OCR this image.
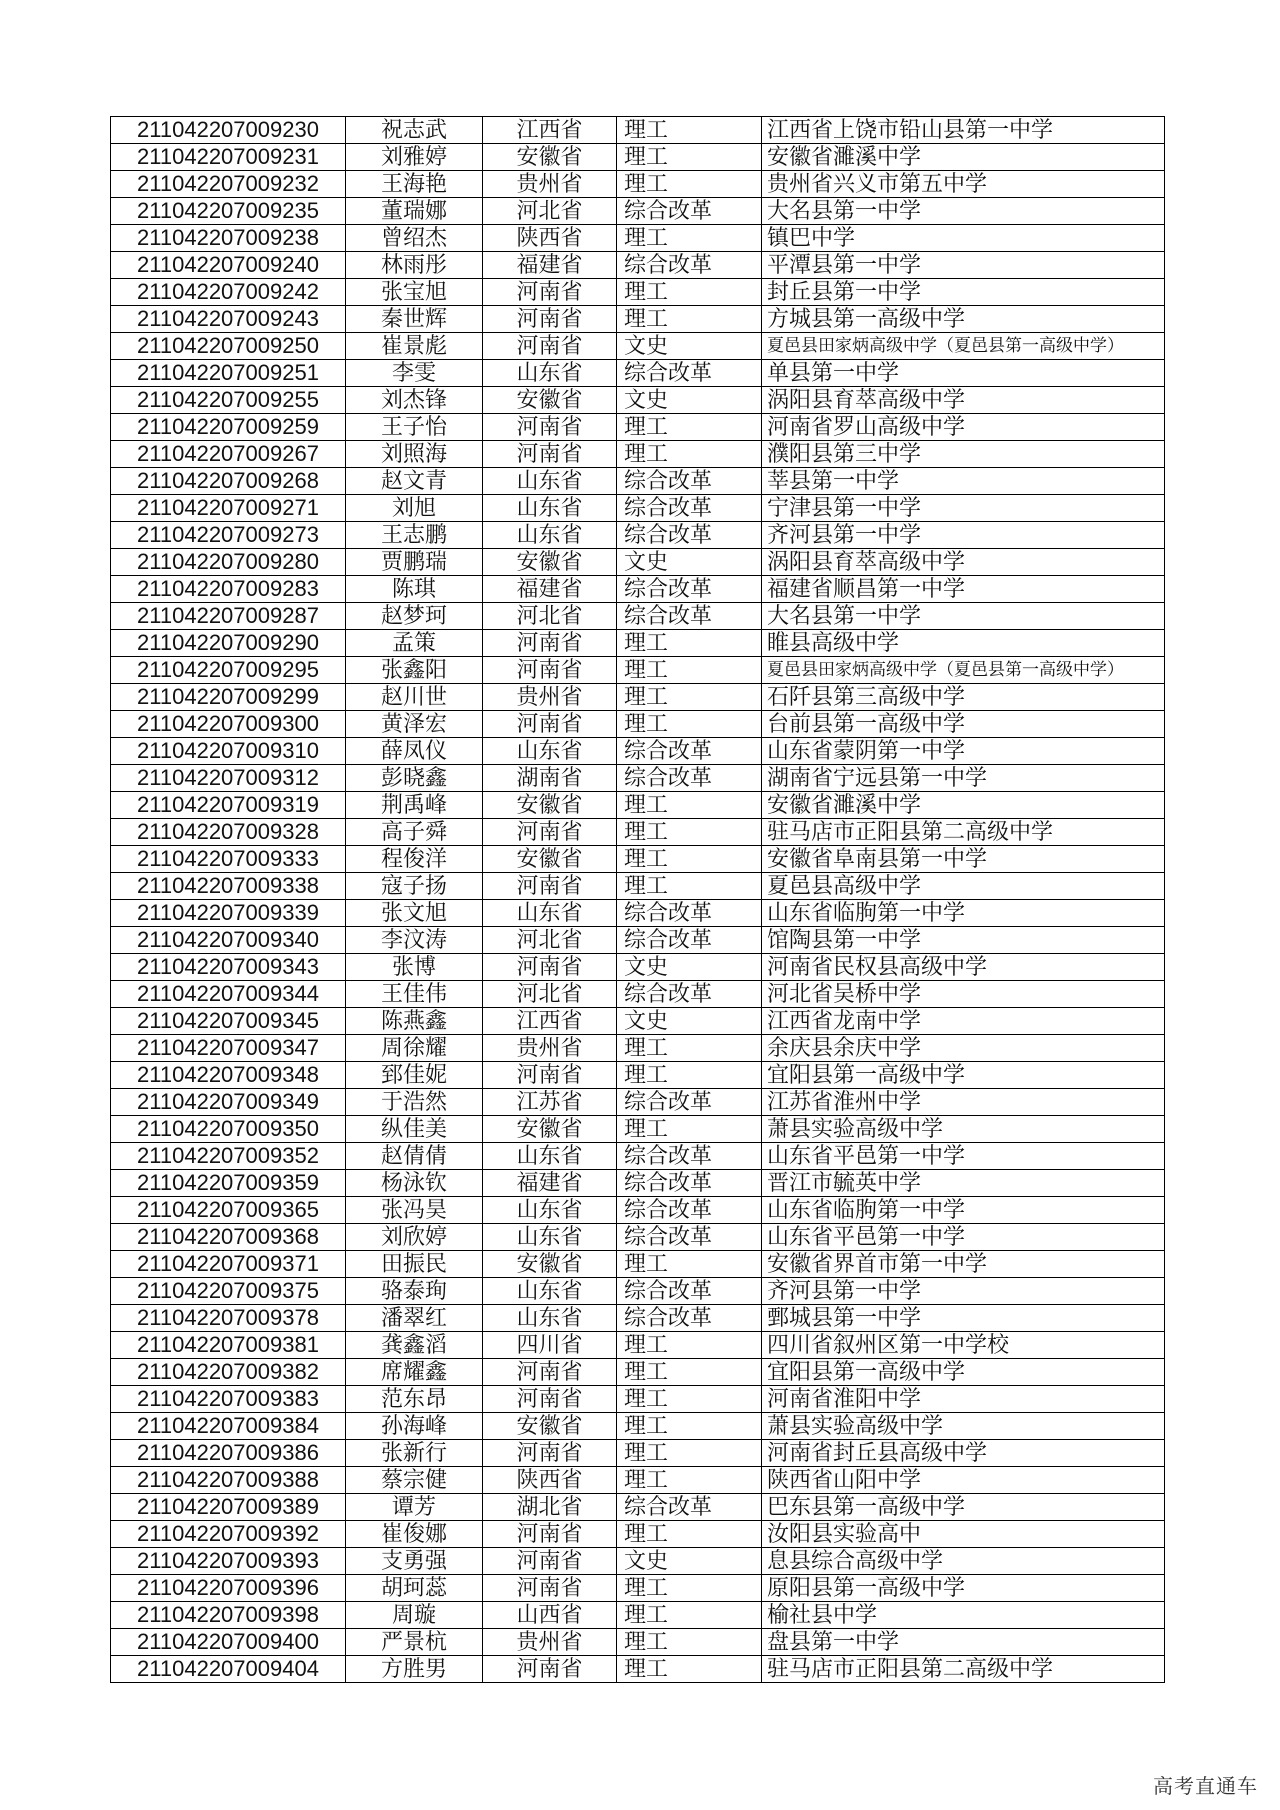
211042207009230	祝志武	江西省	理工	江西省上饶市铅山县第一中学
211042207009231	刘雅婷	安徽省	理工	安徽省濉溪中学
211042207009232	王海艳	贵州省	理工	贵州省兴义市第五中学
211042207009235	董瑞娜	河北省	综合改革	大名县第一中学
211042207009238	曾绍杰	陕西省	理工	镇巴中学
211042207009240	林雨彤	福建省	综合改革	平潭县第一中学
211042207009242	张宝旭	河南省	理工	封丘县第一中学
211042207009243	秦世辉	河南省	理工	方城县第一高级中学
211042207009250	崔景彪	河南省	文史	夏邑县田家炳高级中学（夏邑县第一高级中学）
211042207009251	李雯	山东省	综合改革	单县第一中学
211042207009255	刘杰锋	安徽省	文史	涡阳县育萃高级中学
211042207009259	王子怡	河南省	理工	河南省罗山高级中学
211042207009267	刘照海	河南省	理工	濮阳县第三中学
211042207009268	赵文青	山东省	综合改革	莘县第一中学
211042207009271	刘旭	山东省	综合改革	宁津县第一中学
211042207009273	王志鹏	山东省	综合改革	齐河县第一中学
211042207009280	贾鹏瑞	安徽省	文史	涡阳县育萃高级中学
211042207009283	陈琪	福建省	综合改革	福建省顺昌第一中学
211042207009287	赵梦珂	河北省	综合改革	大名县第一中学
211042207009290	孟策	河南省	理工	睢县高级中学
211042207009295	张鑫阳	河南省	理工	夏邑县田家炳高级中学（夏邑县第一高级中学）
211042207009299	赵川世	贵州省	理工	石阡县第三高级中学
211042207009300	黄泽宏	河南省	理工	台前县第一高级中学
211042207009310	薛凤仪	山东省	综合改革	山东省蒙阴第一中学
211042207009312	彭晓鑫	湖南省	综合改革	湖南省宁远县第一中学
211042207009319	荆禹峰	安徽省	理工	安徽省濉溪中学
211042207009328	高子舜	河南省	理工	驻马店市正阳县第二高级中学
211042207009333	程俊洋	安徽省	理工	安徽省阜南县第一中学
211042207009338	寇子扬	河南省	理工	夏邑县高级中学
211042207009339	张文旭	山东省	综合改革	山东省临朐第一中学
211042207009340	李汶涛	河北省	综合改革	馆陶县第一中学
211042207009343	张博	河南省	文史	河南省民权县高级中学
211042207009344	王佳伟	河北省	综合改革	河北省吴桥中学
211042207009345	陈燕鑫	江西省	文史	江西省龙南中学
211042207009347	周徐耀	贵州省	理工	余庆县余庆中学
211042207009348	郅佳妮	河南省	理工	宜阳县第一高级中学
211042207009349	于浩然	江苏省	综合改革	江苏省淮州中学
211042207009350	纵佳美	安徽省	理工	萧县实验高级中学
211042207009352	赵倩倩	山东省	综合改革	山东省平邑第一中学
211042207009359	杨泳钦	福建省	综合改革	晋江市毓英中学
211042207009365	张冯昊	山东省	综合改革	山东省临朐第一中学
211042207009368	刘欣婷	山东省	综合改革	山东省平邑第一中学
211042207009371	田振民	安徽省	理工	安徽省界首市第一中学
211042207009375	骆泰珣	山东省	综合改革	齐河县第一中学
211042207009378	潘翠红	山东省	综合改革	鄄城县第一中学
211042207009381	龚鑫滔	四川省	理工	四川省叙州区第一中学校
211042207009382	席耀鑫	河南省	理工	宜阳县第一高级中学
211042207009383	范东昂	河南省	理工	河南省淮阳中学
211042207009384	孙海峰	安徽省	理工	萧县实验高级中学
211042207009386	张新行	河南省	理工	河南省封丘县高级中学
211042207009388	蔡宗健	陕西省	理工	陕西省山阳中学
211042207009389	谭芳	湖北省	综合改革	巴东县第一高级中学
211042207009392	崔俊娜	河南省	理工	汝阳县实验高中
211042207009393	支勇强	河南省	文史	息县综合高级中学
211042207009396	胡珂蕊	河南省	理工	原阳县第一高级中学
211042207009398	周璇	山西省	理工	榆社县中学
211042207009400	严景杭	贵州省	理工	盘县第一中学
211042207009404	方胜男	河南省	理工	驻马店市正阳县第二高级中学
高考直通车
